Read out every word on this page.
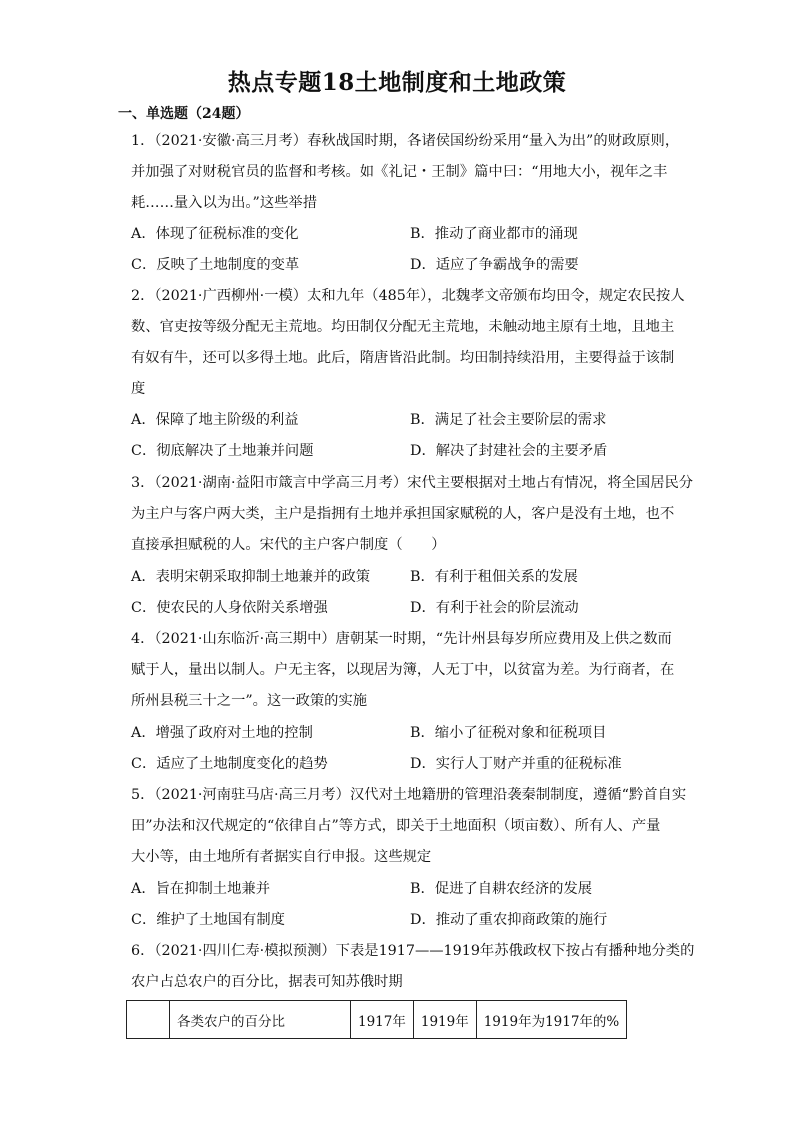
热点专题18土地制度和土地政策
一、单选题（24题）
1．（2021·安徽·高三月考）春秋战国时期，各诸侯国纷纷采用“量入为出”的财政原则，
并加强了对财税官员的监督和考核。如《礼记・王制》篇中曰：“用地大小，视年之丰
耗……量入以为出。”这些举措
A．体现了征税标准的变化	B．推动了商业都市的涌现
C．反映了土地制度的变革	D．适应了争霸战争的需要
2．（2021·广西柳州·一模）太和九年（485年），北魏孝文帝颁布均田令，规定农民按人
数、官吏按等级分配无主荒地。均田制仅分配无主荒地，未触动地主原有土地，且地主
有奴有牛，还可以多得土地。此后，隋唐皆沿此制。均田制持续沿用，主要得益于该制
度
A．保障了地主阶级的利益	B．满足了社会主要阶层的需求
C．彻底解决了土地兼并问题	D．解决了封建社会的主要矛盾
3．（2021·湖南·益阳市箴言中学高三月考）宋代主要根据对土地占有情况，将全国居民分
为主户与客户两大类，主户是指拥有土地并承担国家赋税的人，客户是没有土地，也不
直接承担赋税的人。宋代的主户客户制度（　　）
A．表明宋朝采取抑制土地兼并的政策	B．有利于租佃关系的发展
C．使农民的人身依附关系增强	D．有利于社会的阶层流动
4．（2021·山东临沂·高三期中）唐朝某一时期，“先计州县每岁所应费用及上供之数而
赋于人，量出以制人。户无主客，以现居为簿，人无丁中，以贫富为差。为行商者，在
所州县税三十之一”。这一政策的实施
A．增强了政府对土地的控制	B．缩小了征税对象和征税项目
C．适应了土地制度变化的趋势	D．实行人丁财产并重的征税标准
5．（2021·河南驻马店·高三月考）汉代对土地籍册的管理沿袭秦制制度，遵循“黔首自实
田”办法和汉代规定的“依律自占”等方式，即关于土地面积（顷亩数）、所有人、产量
大小等，由土地所有者据实自行申报。这些规定
A．旨在抑制土地兼并	B．促进了自耕农经济的发展
C．维护了土地国有制度	D．推动了重农抑商政策的施行
6．（2021·四川仁寿·模拟预测）下表是1917——1919年苏俄政权下按占有播种地分类的
农户占总农户的百分比，据表可知苏俄时期
	各类农户的百分比	1917年	1919年	1919年为1917年的%
